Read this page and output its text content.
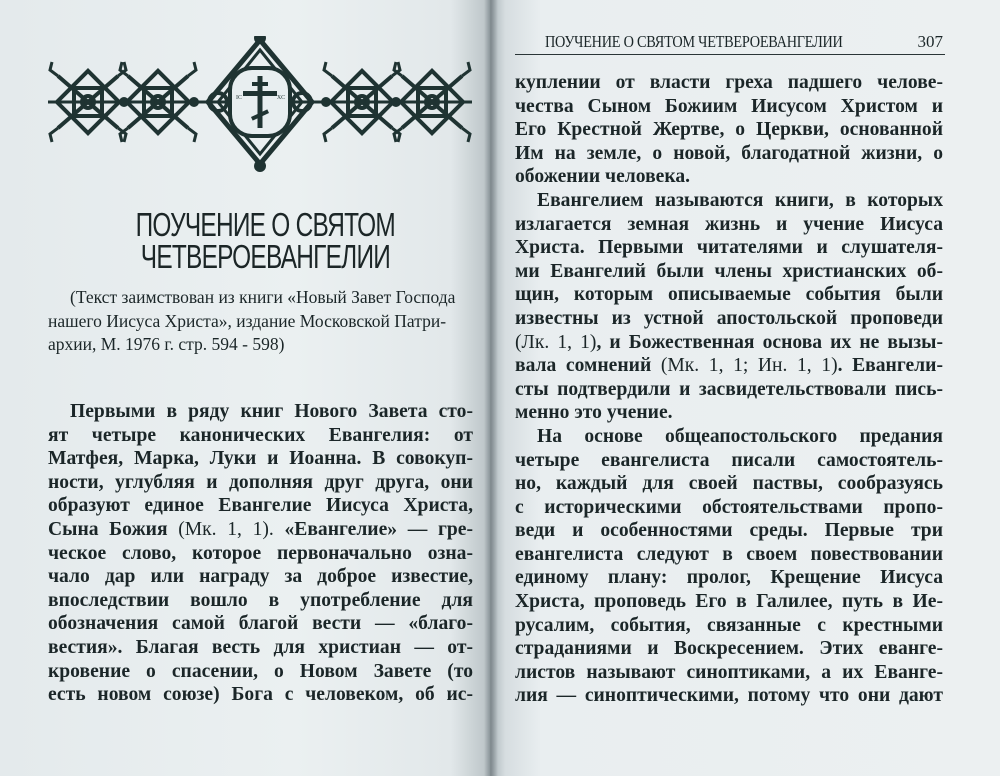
IC	XC
ПОУЧЕНИЕ О СВЯТОМ
ЧЕТВЕРОЕВАНГЕЛИИ
(Текст заимствован из книги «Новый Завет Господа
нашего Иисуса Христа», издание Московской Патри-
архии, М. 1976 г. стр. 594 - 598)
Первыми в ряду книг Нового Завета сто-
ят четыре канонических Евангелия: от
Матфея, Марка, Луки и Иоанна. В совокуп-
ности, углубляя и дополняя друг друга, они
образуют единое Евангелие Иисуса Христа,
Сына Божия (Мк. 1, 1). «Евангелие» — гре-
ческое слово, которое первоначально озна-
чало дар или награду за доброе известие,
впоследствии вошло в употребление для
обозначения самой благой вести — «благо-
вестия». Благая весть для христиан — от-
кровение о спасении, о Новом Завете (то
есть новом союзе) Бога с человеком, об ис-
ПОУЧЕНИЕ О СВЯТОМ ЧЕТВЕРОЕВАНГЕЛИИ	307
куплении от власти греха падшего челове-
чества Сыном Божиим Иисусом Христом и
Его Крестной Жертве, о Церкви, основанной
Им на земле, о новой, благодатной жизни, о
обожении человека.
Евангелием называются книги, в которых
излагается земная жизнь и учение Иисуса
Христа. Первыми читателями и слушателя-
ми Евангелий были члены христианских об-
щин, которым описываемые события были
известны из устной апостольской проповеди
(Лк. 1, 1), и Божественная основа их не вызы-
вала сомнений (Мк. 1, 1; Ин. 1, 1). Евангели-
сты подтвердили и засвидетельствовали пись-
менно это учение.
На основе общеапостольского предания
четыре евангелиста писали самостоятель-
но, каждый для своей паствы, сообразуясь
с историческими обстоятельствами пропо-
веди и особенностями среды. Первые три
евангелиста следуют в своем повествовании
единому плану: пролог, Крещение Иисуса
Христа, проповедь Его в Галилее, путь в Ие-
русалим, события, связанные с крестными
страданиями и Воскресением. Этих еванге-
листов называют синоптиками, а их Еванге-
лия — синоптическими, потому что они дают
